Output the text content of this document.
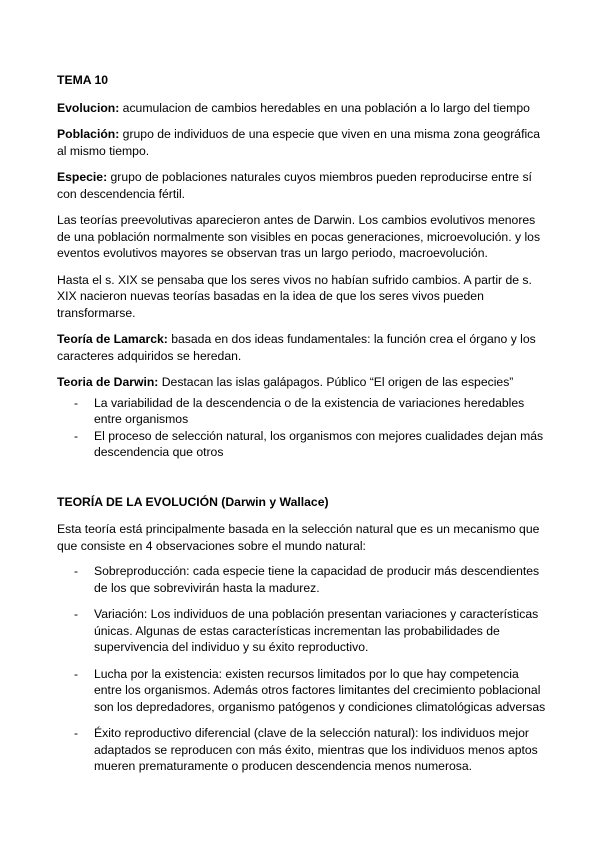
TEMA 10

Evolucion: acumulacion de cambios heredables en una población a lo largo del tiempo

Población: grupo de individuos de una especie que viven en una misma zona geográfica al mismo tiempo.

Especie: grupo de poblaciones naturales cuyos miembros pueden reproducirse entre sí con descendencia fértil.

Las teorías preevolutivas aparecieron antes de Darwin. Los cambios evolutivos menores de una población normalmente son visibles en pocas generaciones, microevolución. y los eventos evolutivos mayores se observan tras un largo periodo, macroevolución.

Hasta el s. XIX se pensaba que los seres vivos no habían sufrido cambios. A partir de s. XIX nacieron nuevas teorías basadas en la idea de que los seres vivos pueden transformarse.

Teoría de Lamarck: basada en dos ideas fundamentales: la función crea el órgano y los caracteres adquiridos se heredan.

Teoria de Darwin: Destacan las islas galápagos. Público “El origen de las especies”

- La variabilidad de la descendencia o de la existencia de variaciones heredables entre organismos
- El proceso de selección natural, los organismos con mejores cualidades dejan más descendencia que otros
TEORÍA DE LA EVOLUCIÓN (Darwin y Wallace)

Esta teoría está principalmente basada en la selección natural que es un mecanismo que que consiste en 4 observaciones sobre el mundo natural:

- Sobreproducción: cada especie tiene la capacidad de producir más descendientes de los que sobrevivirán hasta la madurez.
- Variación: Los individuos de una población presentan variaciones y características únicas. Algunas de estas características incrementan las probabilidades de supervivencia del individuo y su éxito reproductivo.
- Lucha por la existencia: existen recursos limitados por lo que hay competencia entre los organismos. Además otros factores limitantes del crecimiento poblacional son los depredadores, organismo patógenos y condiciones climatológicas adversas
- Éxito reproductivo diferencial (clave de la selección natural): los individuos mejor adaptados se reproducen con más éxito, mientras que los individuos menos aptos mueren prematuramente o producen descendencia menos numerosa.
